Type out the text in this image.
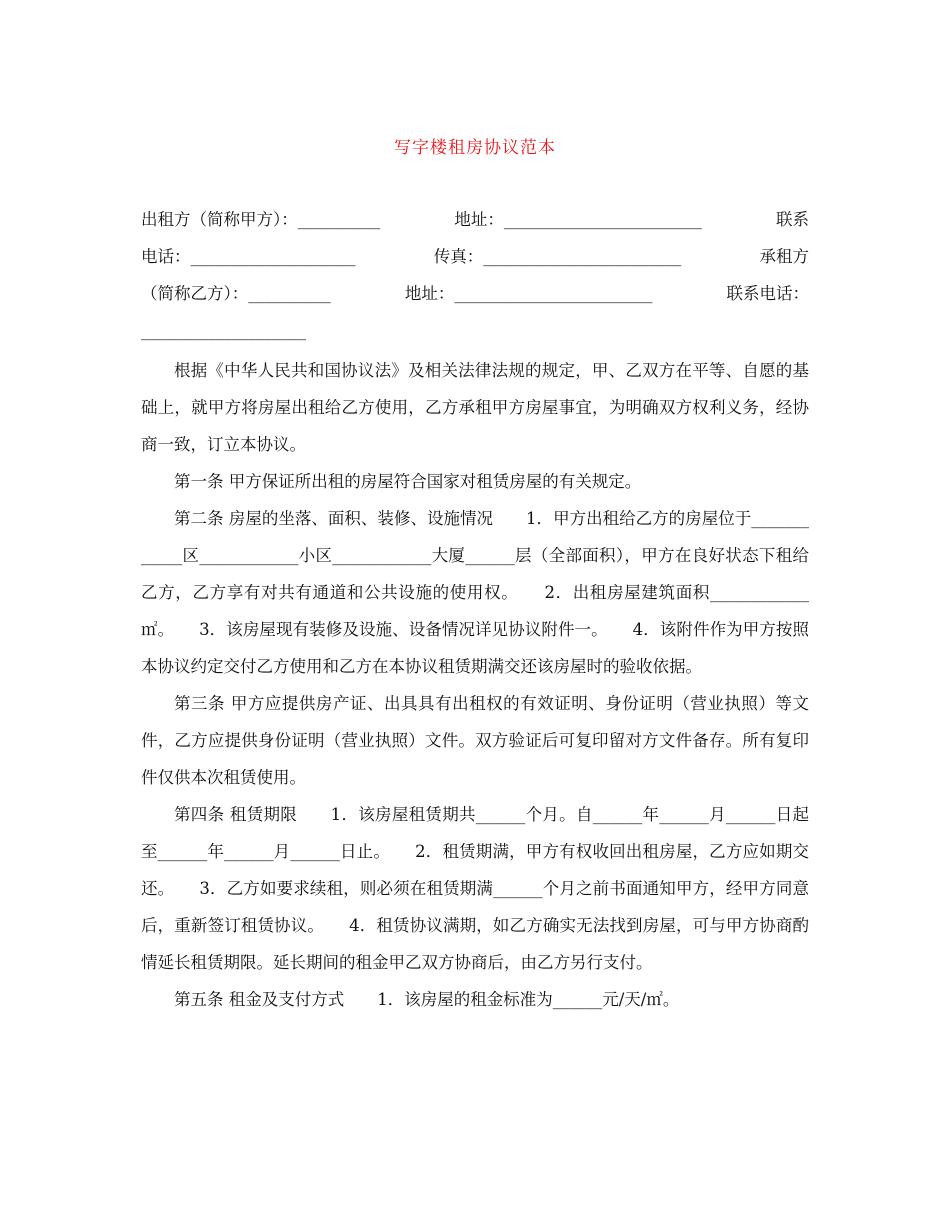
写字楼租房协议范本
出租方（简称甲方）：__________	地址：________________________	联系
电话：____________________	传真：________________________	承租方
（简称乙方）：__________	地址：________________________	联系电话：
____________________

根据《中华人民共和国协议法》及相关法律法规的规定，甲、乙双方在平等、自愿的基础上，就甲方将房屋出租给乙方使用，乙方承租甲方房屋事宜，为明确双方权利义务，经协商一致，订立本协议。

第一条 甲方保证所出租的房屋符合国家对租赁房屋的有关规定。

第二条 房屋的坐落、面积、装修、设施情况　　1．甲方出租给乙方的房屋位于____________区____________小区____________大厦______层（全部面积），甲方在良好状态下租给乙方，乙方享有对共有通道和公共设施的使用权。　　2．出租房屋建筑面积____________㎡。　　3．该房屋现有装修及设施、设备情况详见协议附件一。　　4．该附件作为甲方按照本协议约定交付乙方使用和乙方在本协议租赁期满交还该房屋时的验收依据。

第三条 甲方应提供房产证、出具具有出租权的有效证明、身份证明（营业执照）等文件，乙方应提供身份证明（营业执照）文件。双方验证后可复印留对方文件备存。所有复印件仅供本次租赁使用。

第四条 租赁期限　　1．该房屋租赁期共______个月。自______年______月______日起至______年______月______日止。　　2．租赁期满，甲方有权收回出租房屋，乙方应如期交还。　　3．乙方如要求续租，则必须在租赁期满______个月之前书面通知甲方，经甲方同意后，重新签订租赁协议。　　4．租赁协议满期，如乙方确实无法找到房屋，可与甲方协商酌情延长租赁期限。延长期间的租金甲乙双方协商后，由乙方另行支付。

第五条 租金及支付方式　　1．该房屋的租金标准为______元/天/㎡。
